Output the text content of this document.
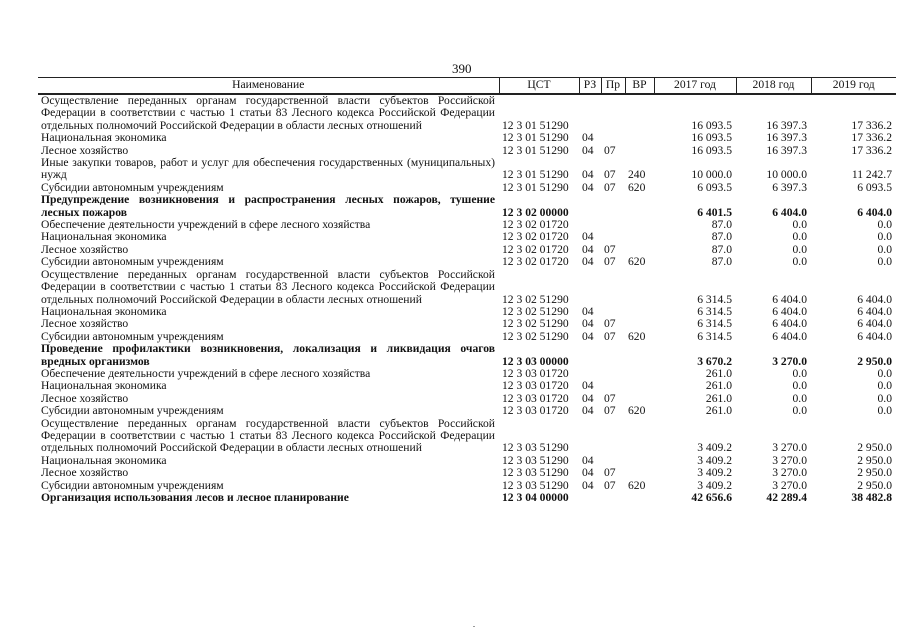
390
Наименование	ЦСТ	РЗ	Пр	ВР	2017 год	2018 год	2019 год
Осуществление переданных органам государственной власти субъектов Российской Федерации в соответствии с частью 1 статьи 83 Лесного кодекса Российской Федерации отдельных полномочий Российской Федерации в области лесных отношений	12 3 01 51290				16 093.5	16 397.3	17 336.2
Национальная экономика	12 3 01 51290	04			16 093.5	16 397.3	17 336.2
Лесное хозяйство	12 3 01 51290	04	07		16 093.5	16 397.3	17 336.2
Иные закупки товаров, работ и услуг для обеспечения государственных (муниципальных) нужд	12 3 01 51290	04	07	240	10 000.0	10 000.0	11 242.7
Субсидии автономным учреждениям	12 3 01 51290	04	07	620	6 093.5	6 397.3	6 093.5
Предупреждение возникновения и распространения лесных пожаров, тушение лесных пожаров	12 3 02 00000				6 401.5	6 404.0	6 404.0
Обеспечение деятельности учреждений в сфере лесного хозяйства	12 3 02 01720				87.0	0.0	0.0
Национальная экономика	12 3 02 01720	04			87.0	0.0	0.0
Лесное хозяйство	12 3 02 01720	04	07		87.0	0.0	0.0
Субсидии автономным учреждениям	12 3 02 01720	04	07	620	87.0	0.0	0.0
Осуществление переданных органам государственной власти субъектов Российской Федерации в соответствии с частью 1 статьи 83 Лесного кодекса Российской Федерации отдельных полномочий Российской Федерации в области лесных отношений	12 3 02 51290				6 314.5	6 404.0	6 404.0
Национальная экономика	12 3 02 51290	04			6 314.5	6 404.0	6 404.0
Лесное хозяйство	12 3 02 51290	04	07		6 314.5	6 404.0	6 404.0
Субсидии автономным учреждениям	12 3 02 51290	04	07	620	6 314.5	6 404.0	6 404.0
Проведение профилактики возникновения, локализация и ликвидация очагов вредных организмов	12 3 03 00000				3 670.2	3 270.0	2 950.0
Обеспечение деятельности учреждений в сфере лесного хозяйства	12 3 03 01720				261.0	0.0	0.0
Национальная экономика	12 3 03 01720	04			261.0	0.0	0.0
Лесное хозяйство	12 3 03 01720	04	07		261.0	0.0	0.0
Субсидии автономным учреждениям	12 3 03 01720	04	07	620	261.0	0.0	0.0
Осуществление переданных органам государственной власти субъектов Российской Федерации в соответствии с частью 1 статьи 83 Лесного кодекса Российской Федерации отдельных полномочий Российской Федерации в области лесных отношений	12 3 03 51290				3 409.2	3 270.0	2 950.0
Национальная экономика	12 3 03 51290	04			3 409.2	3 270.0	2 950.0
Лесное хозяйство	12 3 03 51290	04	07		3 409.2	3 270.0	2 950.0
Субсидии автономным учреждениям	12 3 03 51290	04	07	620	3 409.2	3 270.0	2 950.0
Организация использования лесов и лесное планирование	12 3 04 00000				42 656.6	42 289.4	38 482.8
